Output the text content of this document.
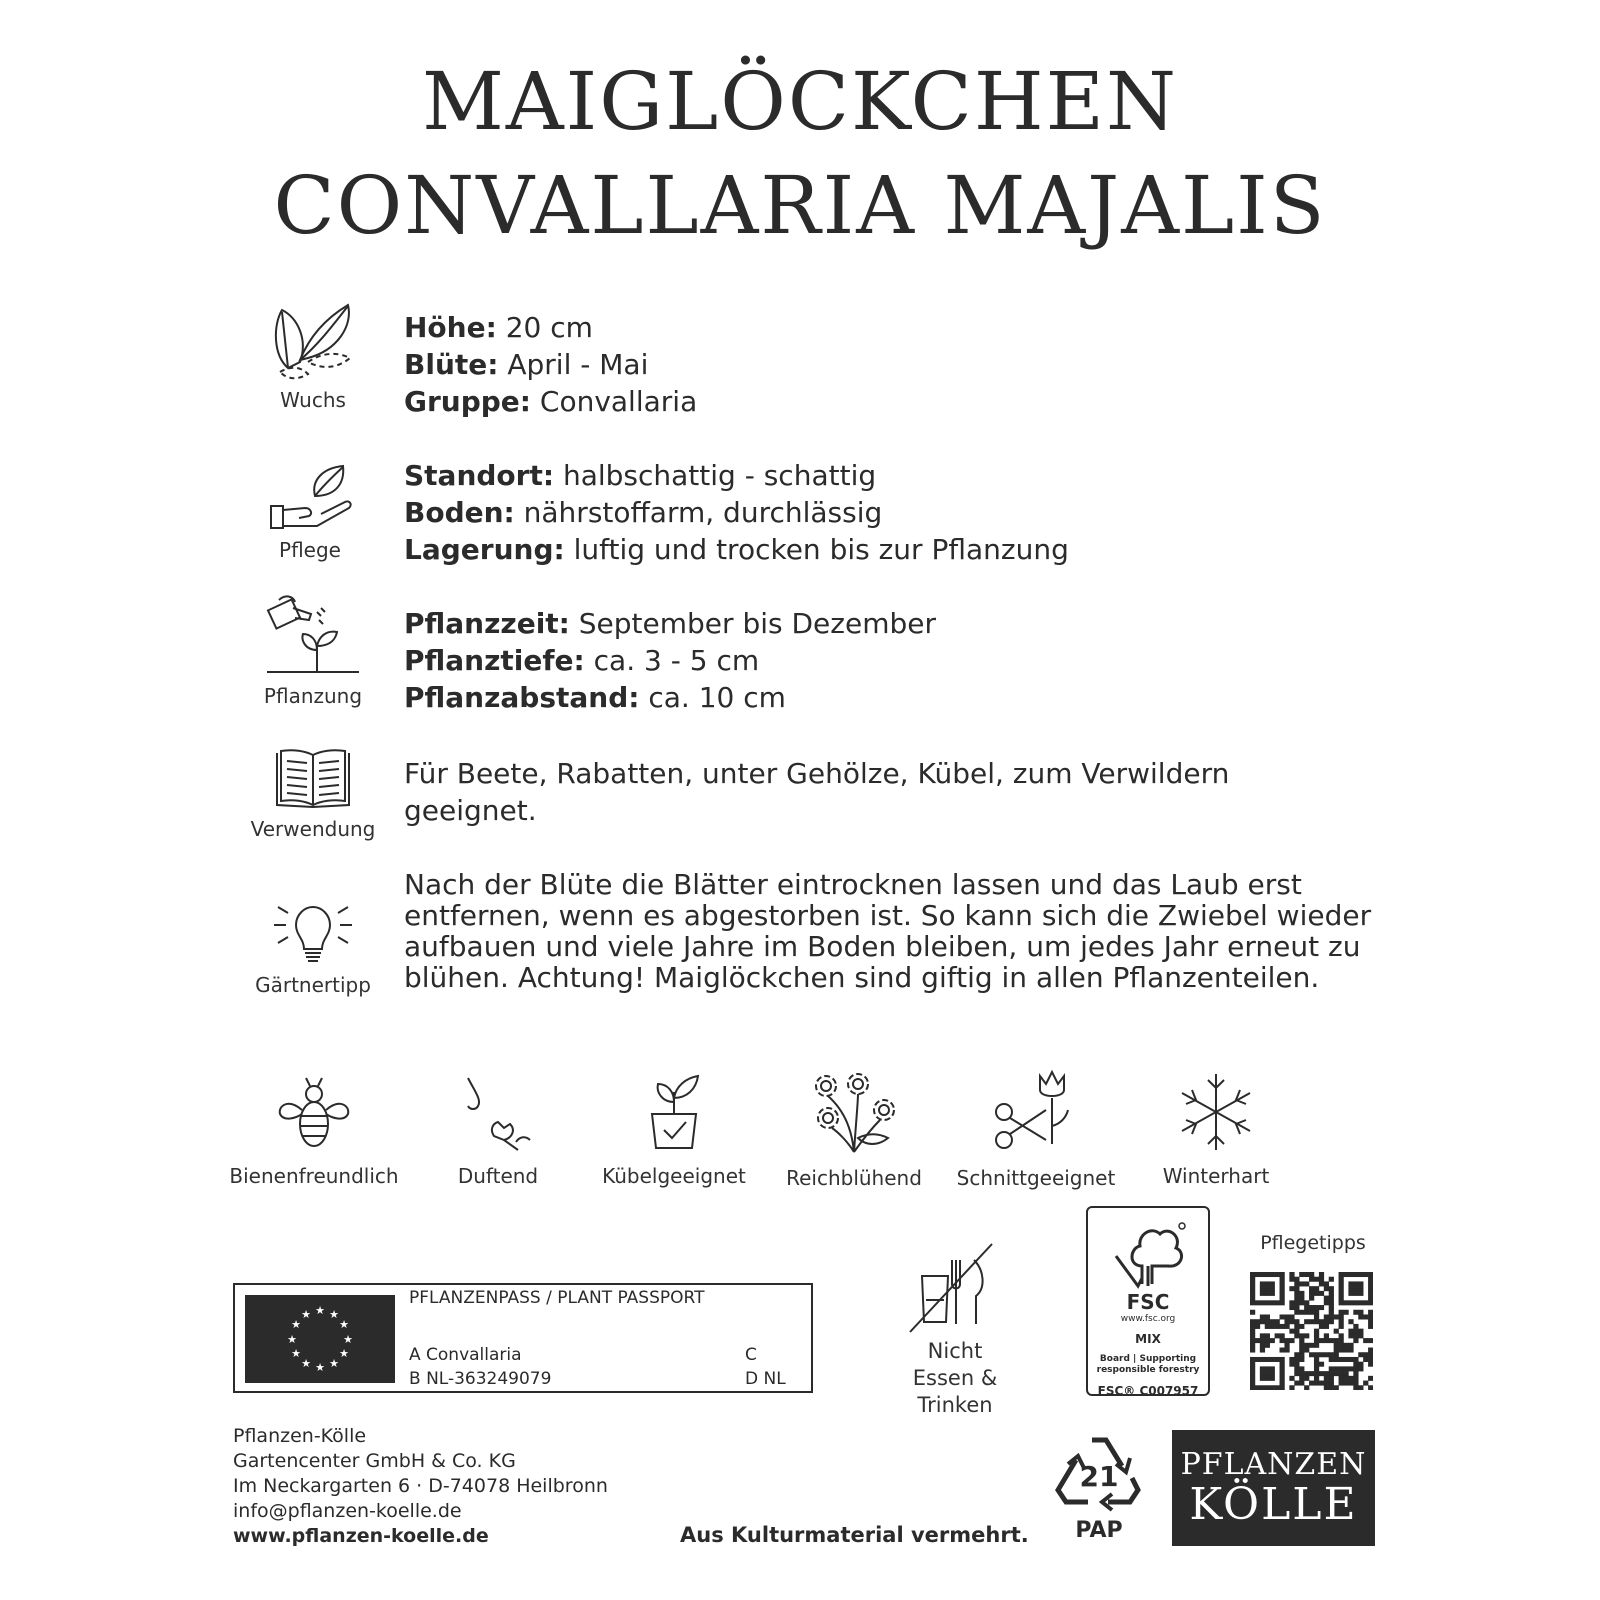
MAIGLÖCKCHEN
CONVALLARIA MAJALIS
Wuchs
Höhe: 20 cm
Blüte: April - Mai
Gruppe: Convallaria
Pflege
Standort: halbschattig - schattig
Boden: nährstoffarm, durchlässig
Lagerung: luftig und trocken bis zur Pflanzung
Pflanzung
Pflanzzeit: September bis Dezember
Pflanztiefe: ca. 3 - 5 cm
Pflanzabstand: ca. 10 cm
Verwendung
Für Beete, Rabatten, unter Gehölze, Kübel, zum Verwildern
geeignet.
Gärtnertipp
Nach der Blüte die Blätter eintrocknen lassen und das Laub erst
entfernen, wenn es abgestorben ist. So kann sich die Zwiebel wieder
aufbauen und viele Jahre im Boden bleiben, um jedes Jahr erneut zu
blühen. Achtung! Maiglöckchen sind giftig in allen Pflanzenteilen.
Bienenfreundlich	Duftend	Kübelgeeignet	Reichblühend	Schnittgeeignet	Winterhart
★ ★
★
★
★
★
★
★
★
★
★
★
PFLANZENPASS / PLANT PASSPORT
A Convallaria
B NL-363249079
C
D NL
Nicht
Essen & Trinken
FSC
www.fsc.org
MIX
Board | Supporting
responsible forestry
FSC® C007957
Pflegetipps
Pflanzen-Kölle
Gartencenter GmbH & Co. KG
Im Neckargarten 6 · D-74078 Heilbronn
info@pflanzen-koelle.de
www.pflanzen-koelle.de	Aus Kulturmaterial vermehrt.
21
PAP
PFLANZEN
KÖLLE
